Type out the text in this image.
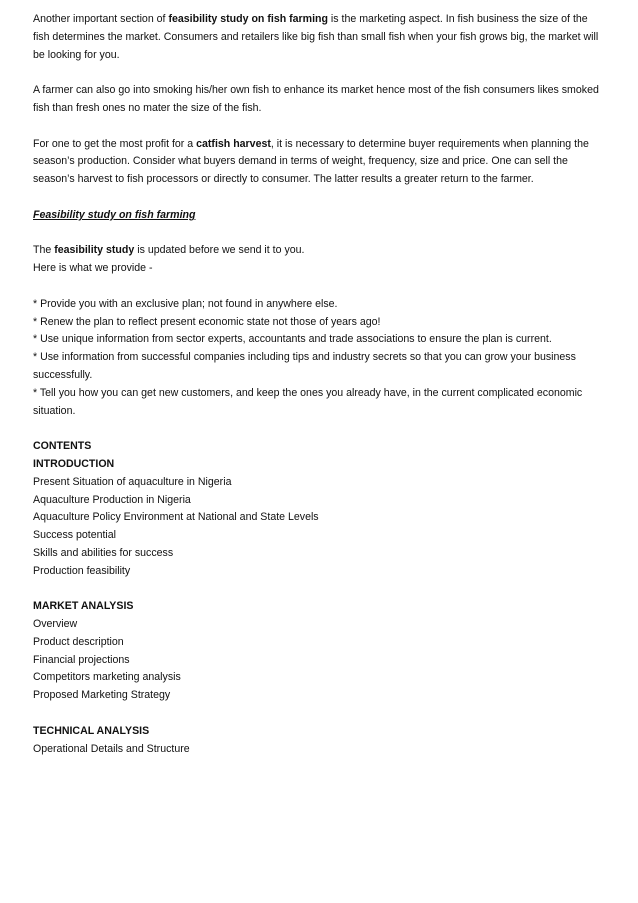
Another important section of feasibility study on fish farming is the marketing aspect. In fish business the size of the fish determines the market. Consumers and retailers like big fish than small fish when your fish grows big, the market will be looking for you.

A farmer can also go into smoking his/her own fish to enhance its market hence most of the fish consumers likes smoked fish than fresh ones no mater the size of the fish.

For one to get the most profit for a catfish harvest, it is necessary to determine buyer requirements when planning the season’s production. Consider what buyers demand in terms of weight, frequency, size and price. One can sell the season’s harvest to fish processors or directly to consumer. The latter results a greater return to the farmer.

Feasibility study on fish farming

The feasibility study is updated before we send it to you.

Here is what we provide -

* Provide you with an exclusive plan; not found in anywhere else.

* Renew the plan to reflect present economic state not those of years ago!

* Use unique information from sector experts, accountants and trade associations to ensure the plan is current.

* Use information from successful companies including tips and industry secrets so that you can grow your business successfully.

* Tell you how you can get new customers, and keep the ones you already have, in the current complicated economic situation.

CONTENTS

INTRODUCTION

Present Situation of aquaculture in Nigeria

Aquaculture Production in Nigeria

Aquaculture Policy Environment at National and State Levels

Success potential

Skills and abilities for success

Production feasibility

MARKET ANALYSIS

Overview

Product description

Financial projections

Competitors marketing analysis

Proposed Marketing Strategy

TECHNICAL ANALYSIS

Operational Details and Structure
